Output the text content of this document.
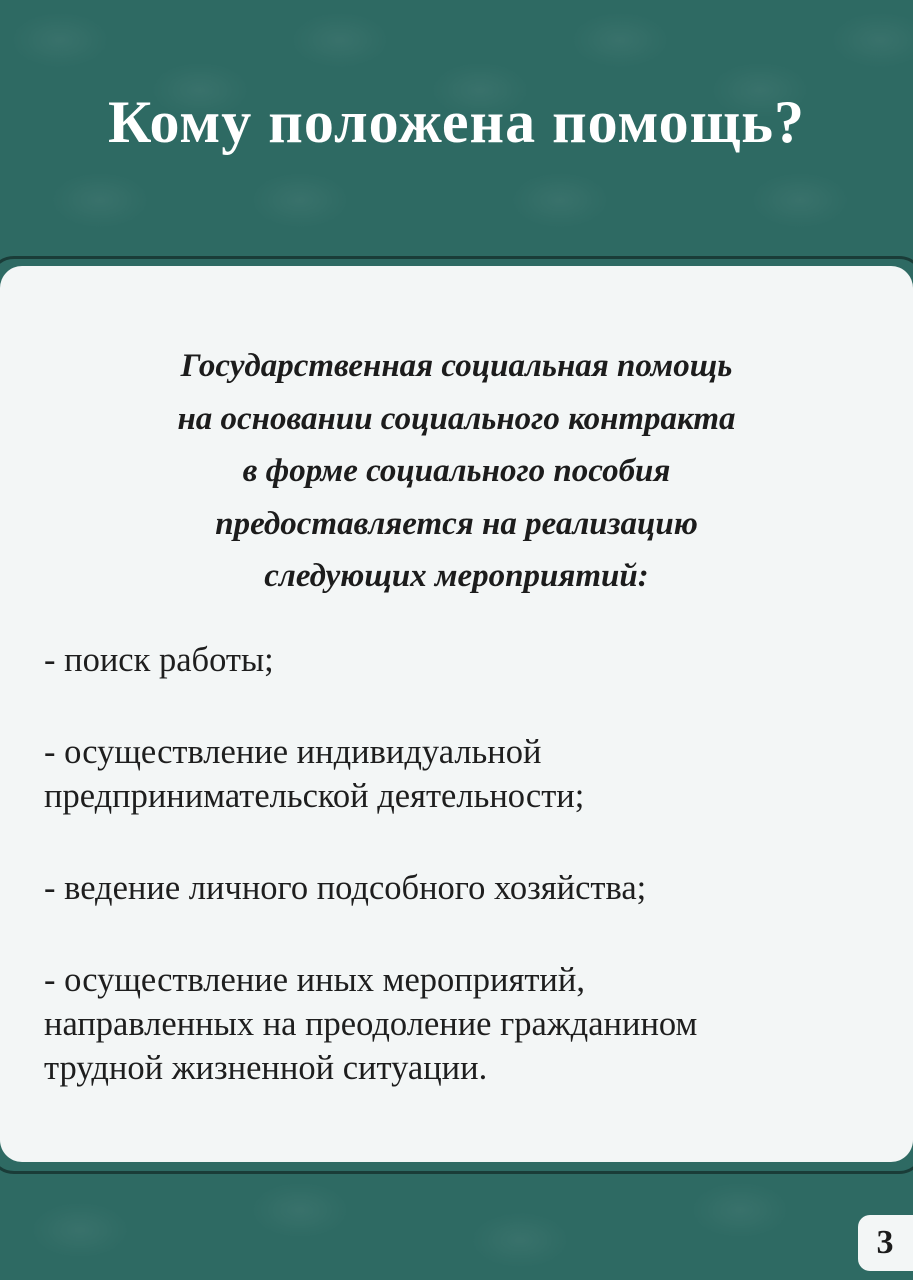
Кому положена помощь?

Государственная социальная помощь
на основании социального контракта
в форме социального пособия
предоставляется на реализацию
следующих мероприятий:

- поиск работы;
- осуществление индивидуальной
предпринимательской деятельности;
- ведение личного подсобного хозяйства;
- осуществление иных мероприятий,
направленных на преодоление гражданином
трудной жизненной ситуации.
3
